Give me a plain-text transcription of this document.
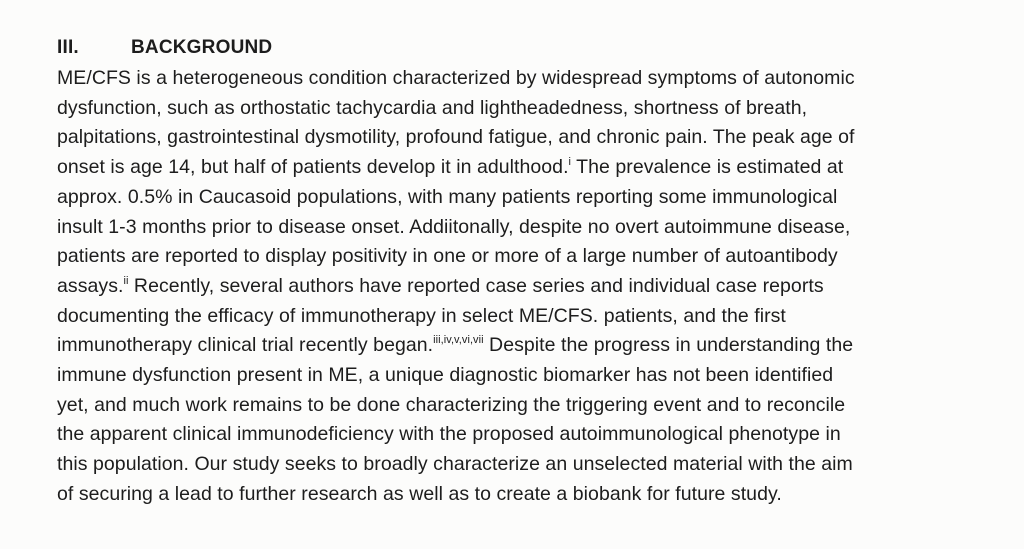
III.	BACKGROUND
ME/CFS is a heterogeneous condition characterized by widespread symptoms of autonomic
dysfunction, such as orthostatic tachycardia and lightheadedness, shortness of breath,
palpitations, gastrointestinal dysmotility, profound fatigue, and chronic pain. The peak age of
onset is age 14, but half of patients develop it in adulthood.$^i$ The prevalence is estimated at
approx. 0.5% in Caucasoid populations, with many patients reporting some immunological
insult 1-3 months prior to disease onset. Addiitonally, despite no overt autoimmune disease,
patients are reported to display positivity in one or more of a large number of autoantibody
assays.$^{ii}$ Recently, several authors have reported case series and individual case reports
documenting the efficacy of immunotherapy in select ME/CFS. patients, and the first
immunotherapy clinical trial recently began.$^{iii,iv,v,vi,vii}$ Despite the progress in understanding the
immune dysfunction present in ME, a unique diagnostic biomarker has not been identified
yet, and much work remains to be done characterizing the triggering event and to reconcile
the apparent clinical immunodeficiency with the proposed autoimmunological phenotype in
this population. Our study seeks to broadly characterize an unselected material with the aim
of securing a lead to further research as well as to create a biobank for future study.
